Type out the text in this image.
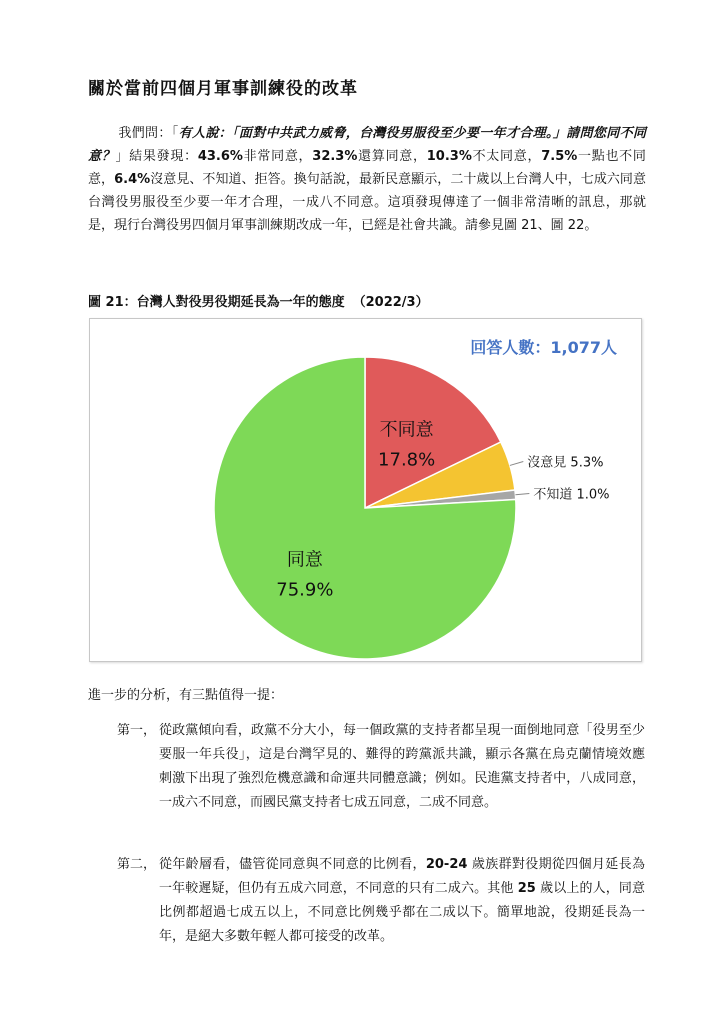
關於當前四個月軍事訓練役的改革
我們問：「有人說：「面對中共武力威脅，台灣役男服役至少要一年才合理。」請問您同不同意？」結果發現：43.6%非常同意，32.3%還算同意，10.3%不太同意，7.5%一點也不同意，6.4%沒意見、不知道、拒答。換句話說，最新民意顯示，二十歲以上台灣人中，七成六同意台灣役男服役至少要一年才合理，一成八不同意。這項發現傳達了一個非常清晰的訊息，那就是，現行台灣役男四個月軍事訓練期改成一年，已經是社會共識。請參見圖 21、圖 22。
圖 21：台灣人對役男役期延長為一年的態度 （2022/3）
不同意
17.8%	沒意見 5.3%
不知道 1.0%
同意
75.9%
回答人數：1,077人
進一步的分析，有三點值得一提：
第一， 從政黨傾向看，政黨不分大小，每一個政黨的支持者都呈現一面倒地同意「役男至少要服一年兵役」，這是台灣罕見的、難得的跨黨派共識，顯示各黨在烏克蘭情境效應刺激下出現了強烈危機意識和命運共同體意識；例如。民進黨支持者中，八成同意，一成六不同意，而國民黨支持者七成五同意，二成不同意。
第二， 從年齡層看，儘管從同意與不同意的比例看，20-24 歲族群對役期從四個月延長為一年較遲疑，但仍有五成六同意，不同意的只有二成六。其他 25 歲以上的人，同意比例都超過七成五以上，不同意比例幾乎都在二成以下。簡單地說，役期延長為一年，是絕大多數年輕人都可接受的改革。
